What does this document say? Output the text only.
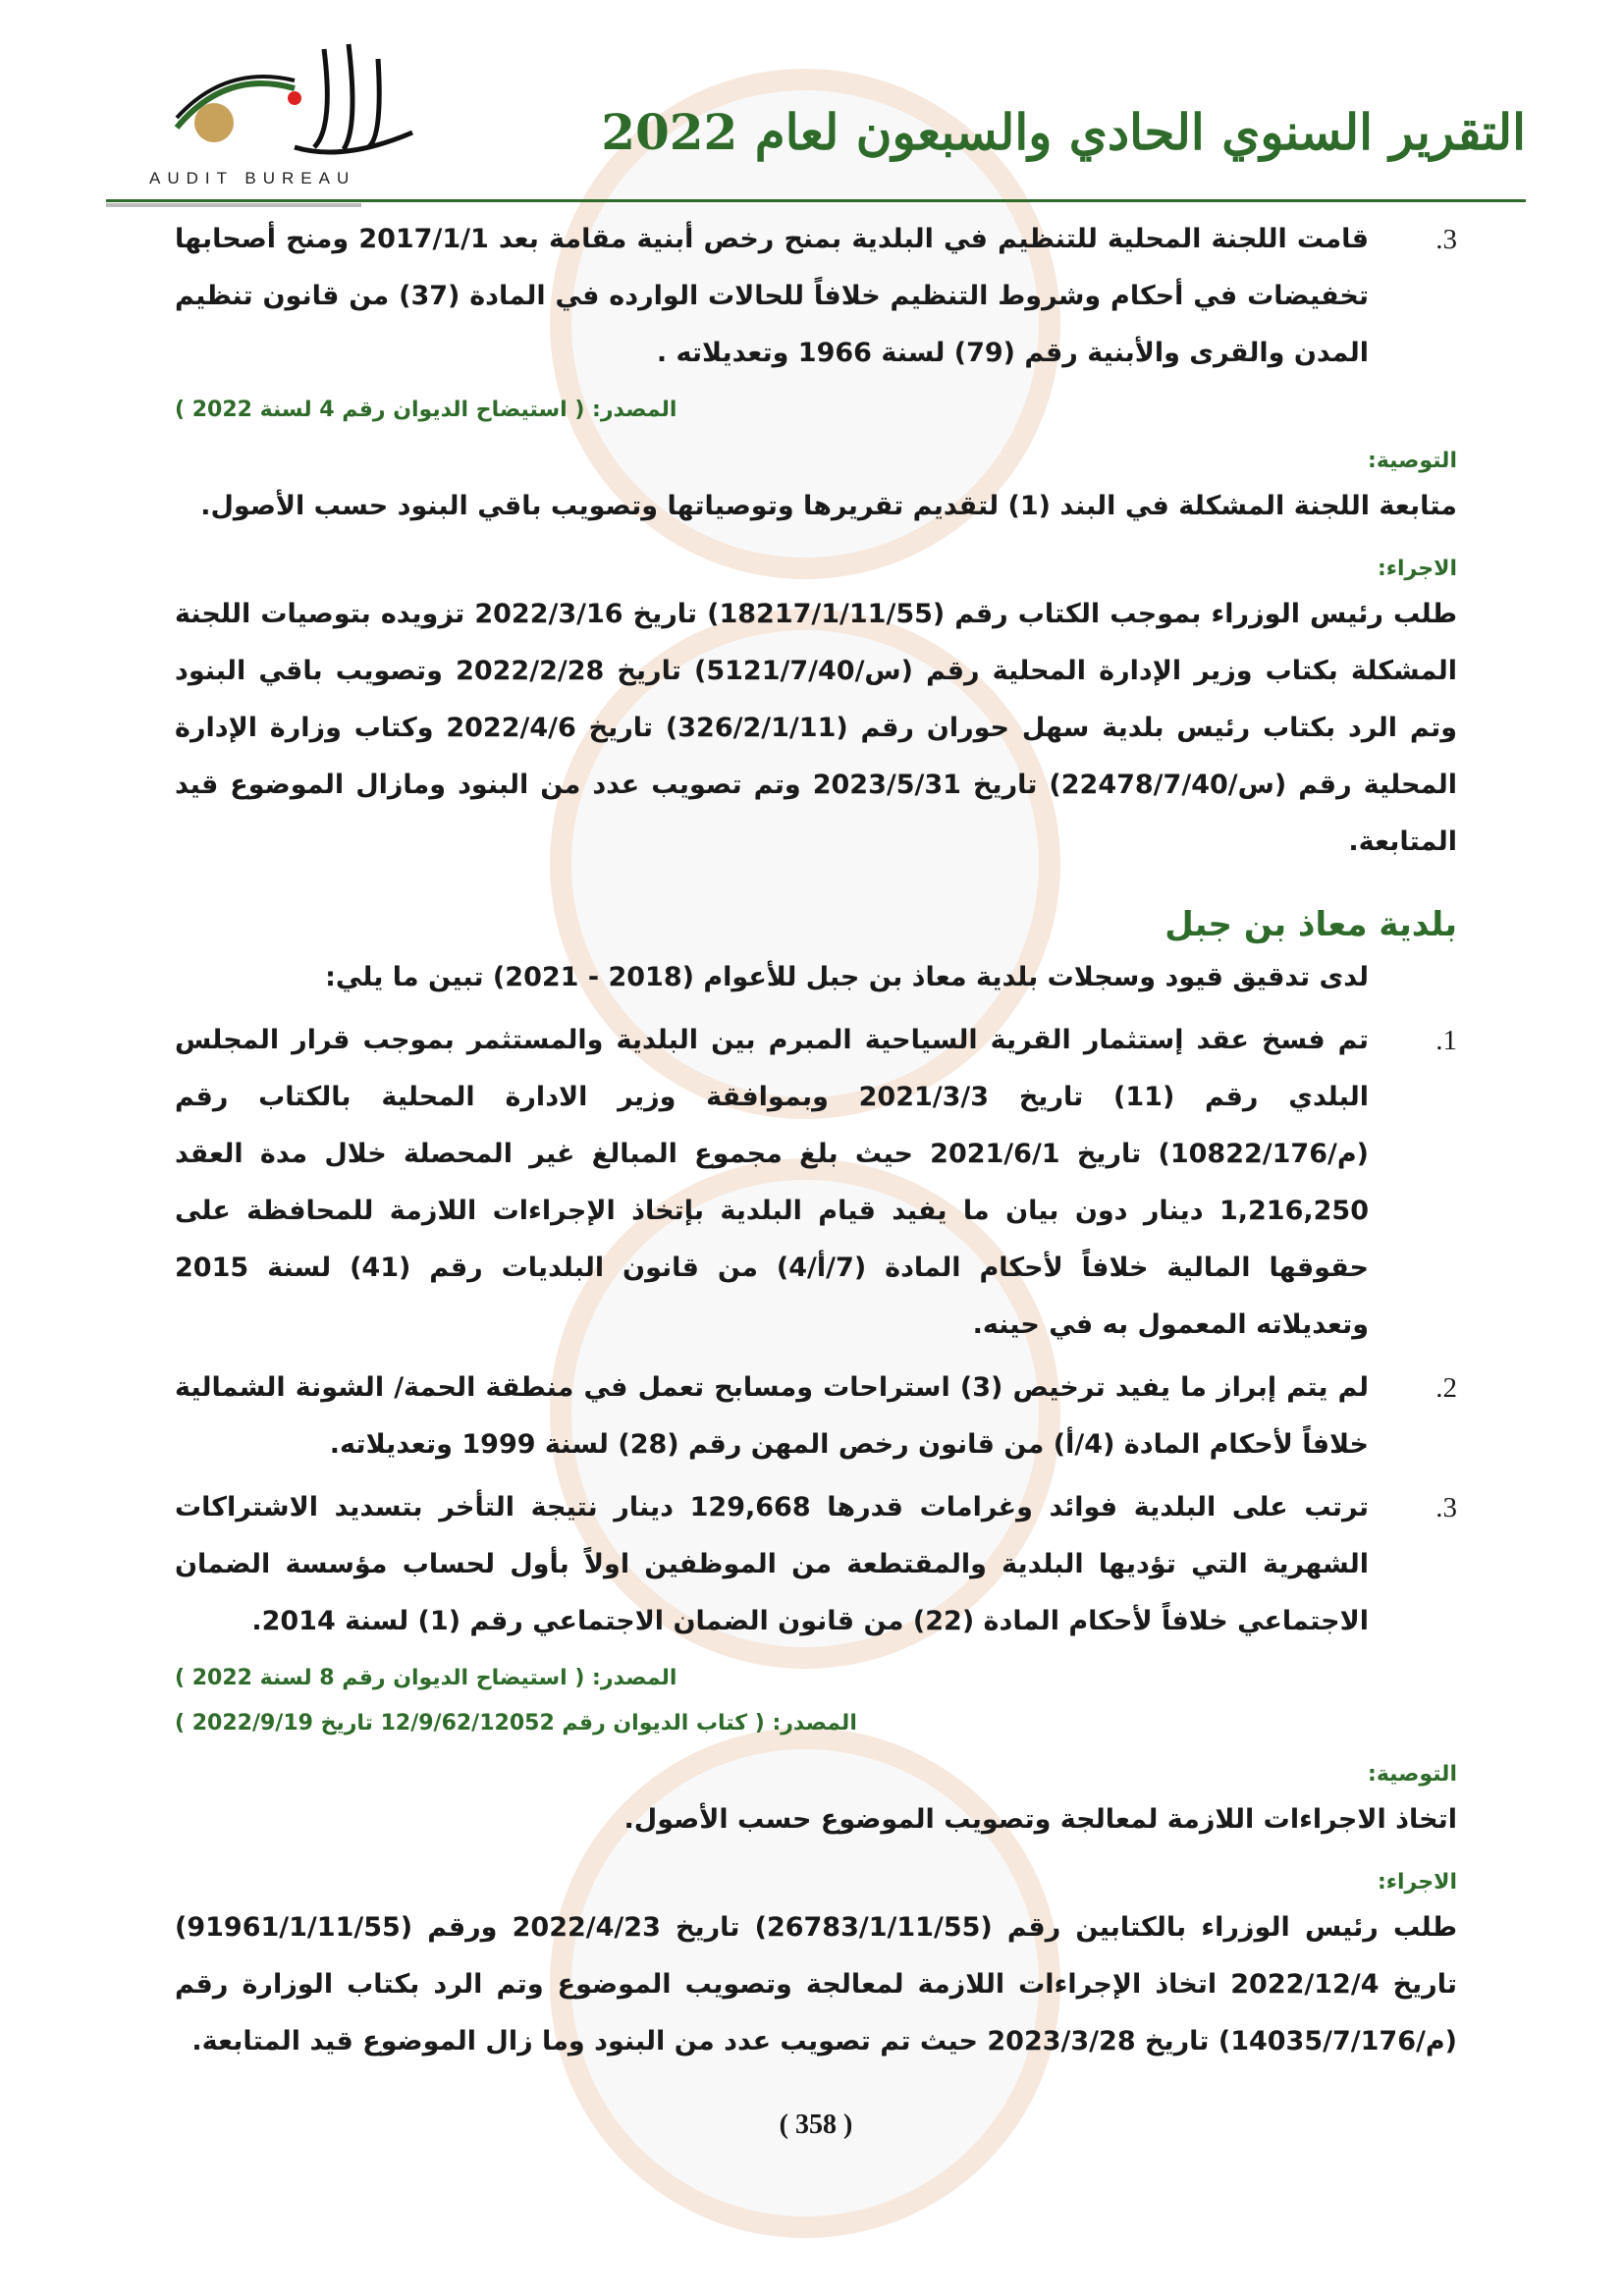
التقرير السنوي الحادي والسبعون لعام 2022
AUDIT BUREAU
3.
قامت اللجنة المحلية للتنظيم في البلدية بمنح رخص أبنية مقامة بعد 2017/1/1 ومنح أصحابها تخفيضات في أحكام وشروط التنظيم خلافاً للحالات الوارده في المادة (37) من قانون تنظيم المدن والقرى والأبنية رقم (79) لسنة 1966 وتعديلاته .
المصدر: ( استيضاح الديوان رقم 4 لسنة 2022 )
التوصية:
متابعة اللجنة المشكلة في البند (1) لتقديم تقريرها وتوصياتها وتصويب باقي البنود حسب الأصول.
الاجراء:
طلب رئيس الوزراء بموجب الكتاب رقم (18217/1/11/55) تاريخ 2022/3/16 تزويده بتوصيات اللجنة المشكلة بكتاب وزير الإدارة المحلية رقم (س/5121/7/40) تاريخ 2022/2/28 وتصويب باقي البنود وتم الرد بكتاب رئيس بلدية سهل حوران رقم (326/2/1/11) تاريخ 2022/4/6 وكتاب وزارة الإدارة المحلية رقم (س/22478/7/40) تاريخ 2023/5/31 وتم تصويب عدد من البنود ومازال الموضوع قيد المتابعة.
بلدية معاذ بن جبل
لدى تدقيق قيود وسجلات بلدية معاذ بن جبل للأعوام (2018 - 2021) تبين ما يلي:
1.
تم فسخ عقد إستثمار القرية السياحية المبرم بين البلدية والمستثمر بموجب قرار المجلس البلدي رقم (11) تاريخ 2021/3/3 وبموافقة وزير الادارة المحلية بالكتاب رقم (م/10822/176) تاريخ 2021/6/1 حيث بلغ مجموع المبالغ غير المحصلة خلال مدة العقد 1,216,250 دينار دون بيان ما يفيد قيام البلدية بإتخاذ الإجراءات اللازمة للمحافظة على حقوقها المالية خلافاً لأحكام المادة (7/أ/4) من قانون البلديات رقم (41) لسنة 2015 وتعديلاته المعمول به في حينه.
2.
لم يتم إبراز ما يفيد ترخيص (3) استراحات ومسابح تعمل في منطقة الحمة/ الشونة الشمالية خلافاً لأحكام المادة (4/أ) من قانون رخص المهن رقم (28) لسنة 1999 وتعديلاته.
3.
ترتب على البلدية فوائد وغرامات قدرها 129,668 دينار نتيجة التأخر بتسديد الاشتراكات الشهرية التي تؤديها البلدية والمقتطعة من الموظفين اولاً بأول لحساب مؤسسة الضمان الاجتماعي خلافاً لأحكام المادة (22) من قانون الضمان الاجتماعي رقم (1) لسنة 2014.
المصدر: ( استيضاح الديوان رقم 8 لسنة 2022 )
المصدر: ( كتاب الديوان رقم 12/9/62/12052 تاريخ 2022/9/19 )
التوصية:
اتخاذ الاجراءات اللازمة لمعالجة وتصويب الموضوع حسب الأصول.
الاجراء:
طلب رئيس الوزراء بالكتابين رقم (26783/1/11/55) تاريخ 2022/4/23 ورقم (91961/1/11/55) تاريخ 2022/12/4 اتخاذ الإجراءات اللازمة لمعالجة وتصويب الموضوع وتم الرد بكتاب الوزارة رقم (م/14035/7/176) تاريخ 2023/3/28 حيث تم تصويب عدد من البنود وما زال الموضوع قيد المتابعة.
( 358 )
